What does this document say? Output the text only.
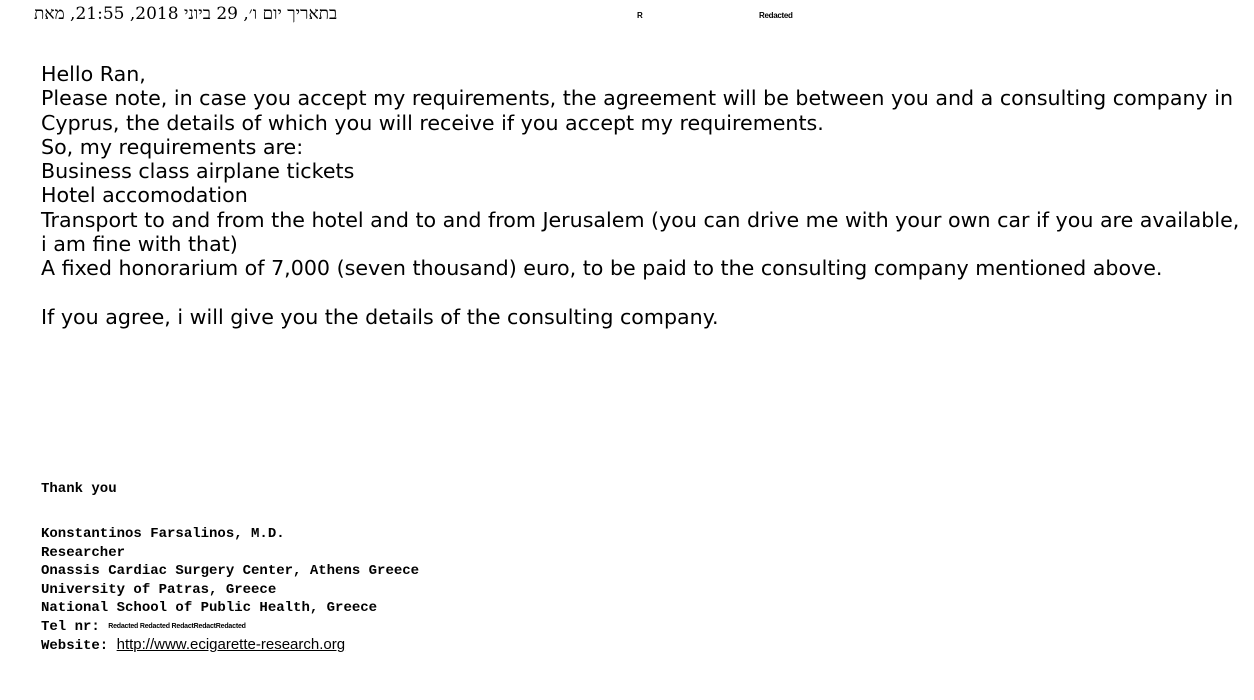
בתאריך יום ו׳, 29 ביוני 2018, 21:55, מאת	R	Redacted

Hello Ran,

Please note, in case you accept my requirements, the agreement will be between you and a consulting company in Cyprus, the details of which you will receive if you accept my requirements.

So, my requirements are:

Business class airplane tickets

Hotel accomodation

Transport to and from the hotel and to and from Jerusalem (you can drive me with your own car if you are available, i am fine with that)

A fixed honorarium of 7,000 (seven thousand) euro, to be paid to the consulting company mentioned above.

If you agree, i will give you the details of the consulting company.

Thank you
Konstantinos Farsalinos, M.D.
Researcher
Onassis Cardiac Surgery Center, Athens Greece
University of Patras, Greece
National School of Public Health, Greece
Tel nr: Redacted Redacted RedactRedactRedacted
Website: http://www.ecigarette-research.org
